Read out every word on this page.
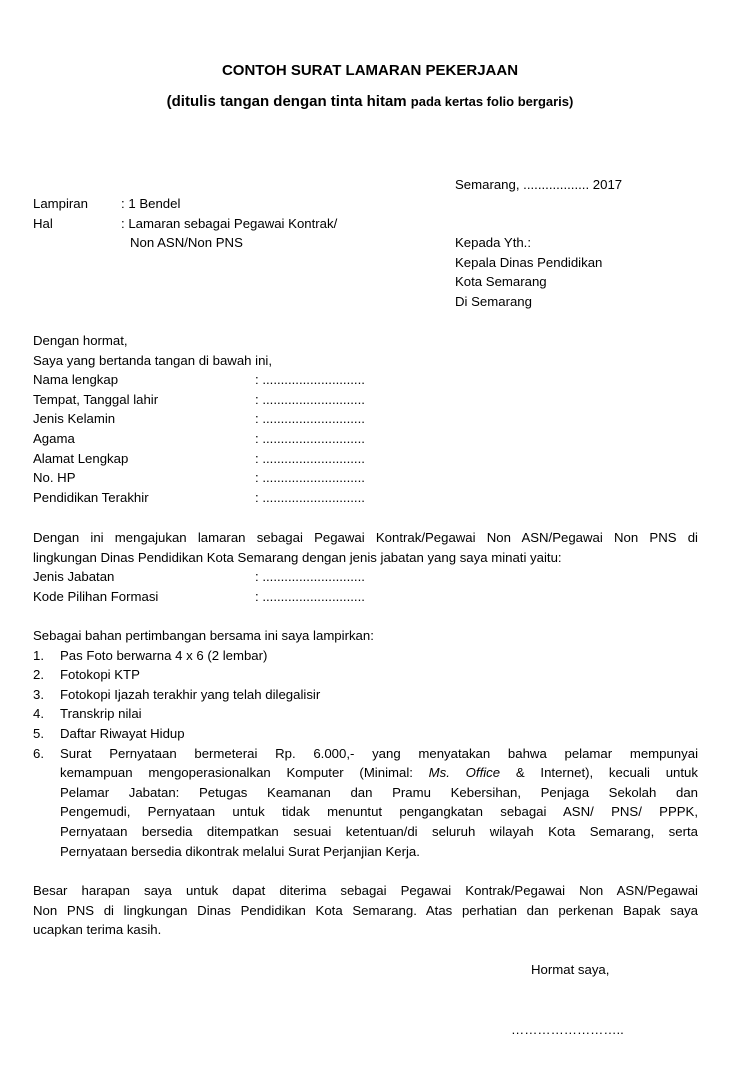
CONTOH SURAT LAMARAN PEKERJAAN
(ditulis tangan dengan tinta hitam pada kertas folio bergaris)
Semarang, .................. 2017
Lampiran	: 1 Bendel
Hal	: Lamaran sebagai Pegawai Kontrak/
Non ASN/Non PNS	Kepada Yth.:
Kepala Dinas Pendidikan
Kota Semarang
Di Semarang
Dengan hormat,
Saya yang bertanda tangan di bawah ini,
Nama lengkap	: ............................
Tempat, Tanggal lahir	: ............................
Jenis Kelamin	: ............................
Agama	: ............................
Alamat Lengkap	: ............................
No. HP	: ............................
Pendidikan Terakhir	: ............................
Dengan ini mengajukan lamaran sebagai Pegawai Kontrak/Pegawai Non ASN/Pegawai Non PNS di
lingkungan Dinas Pendidikan Kota Semarang dengan jenis jabatan yang saya minati yaitu:
Jenis Jabatan	: ............................
Kode Pilihan Formasi	: ............................
Sebagai bahan pertimbangan bersama ini saya lampirkan:
1. Pas Foto berwarna 4 x 6 (2 lembar)
2. Fotokopi KTP
3. Fotokopi Ijazah terakhir yang telah dilegalisir
4. Transkrip nilai
5. Daftar Riwayat Hidup
6. Surat Pernyataan bermeterai Rp. 6.000,- yang menyatakan bahwa pelamar mempunyai
kemampuan mengoperasionalkan Komputer (Minimal: Ms. Office & Internet), kecuali untuk
Pelamar Jabatan: Petugas Keamanan dan Pramu Kebersihan, Penjaga Sekolah dan
Pengemudi, Pernyataan untuk tidak menuntut pengangkatan sebagai ASN/ PNS/ PPPK,
Pernyataan bersedia ditempatkan sesuai ketentuan/di seluruh wilayah Kota Semarang, serta
Pernyataan bersedia dikontrak melalui Surat Perjanjian Kerja.
Besar harapan saya untuk dapat diterima sebagai Pegawai Kontrak/Pegawai Non ASN/Pegawai
Non PNS di lingkungan Dinas Pendidikan Kota Semarang. Atas perhatian dan perkenan Bapak saya
ucapkan terima kasih.
Hormat saya,
……………………..
